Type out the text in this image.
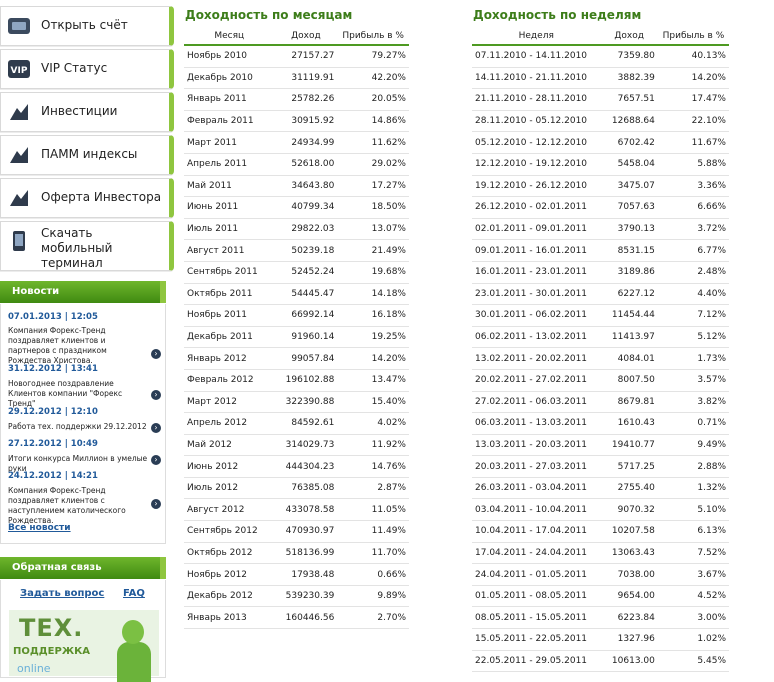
Открыть счёт
VIP VIP Статус
Инвестиции
ПАММ индексы
Оферта Инвестора
Скачать мобильный терминал
Новости
07.01.2013 | 12:05
Компания Форекс-Тренд поздравляет клиентов и партнеров с праздником Рождества Христова.
›
31.12.2012 | 13:41
Новогоднее поздравление Клиентов компании "Форекс Тренд"
›
29.12.2012 | 12:10
Работа тех. поддержки 29.12.2012 ›
27.12.2012 | 10:49
Итоги конкурса Миллион в умелые руки
›
24.12.2012 | 14:21
Компания Форекс-Тренд поздравляет клиентов с наступлением католического Рождества.
›
Все новости
Обратная связь
Задать вопрос FAQ
ТЕХ.
ПОДДЕРЖКА
online
Доходность по месяцам
Месяц	Доход	Прибыль в %
Ноябрь 2010	27157.27	79.27%
Декабрь 2010	31119.91	42.20%
Январь 2011	25782.26	20.05%
Февраль 2011	30915.92	14.86%
Март 2011	24934.99	11.62%
Апрель 2011	52618.00	29.02%
Май 2011	34643.80	17.27%
Июнь 2011	40799.34	18.50%
Июль 2011	29822.03	13.07%
Август 2011	50239.18	21.49%
Сентябрь 2011	52452.24	19.68%
Октябрь 2011	54445.47	14.18%
Ноябрь 2011	66992.14	16.18%
Декабрь 2011	91960.14	19.25%
Январь 2012	99057.84	14.20%
Февраль 2012	196102.88	13.47%
Март 2012	322390.88	15.40%
Апрель 2012	84592.61	4.02%
Май 2012	314029.73	11.92%
Июнь 2012	444304.23	14.76%
Июль 2012	76385.08	2.87%
Август 2012	433078.58	11.05%
Сентябрь 2012	470930.97	11.49%
Октябрь 2012	518136.99	11.70%
Ноябрь 2012	17938.48	0.66%
Декабрь 2012	539230.39	9.89%
Январь 2013	160446.56	2.70%
Доходность по неделям
Неделя	Доход	Прибыль в %
07.11.2010 - 14.11.2010	7359.80	40.13%
14.11.2010 - 21.11.2010	3882.39	14.20%
21.11.2010 - 28.11.2010	7657.51	17.47%
28.11.2010 - 05.12.2010	12688.64	22.10%
05.12.2010 - 12.12.2010	6702.42	11.67%
12.12.2010 - 19.12.2010	5458.04	5.88%
19.12.2010 - 26.12.2010	3475.07	3.36%
26.12.2010 - 02.01.2011	7057.63	6.66%
02.01.2011 - 09.01.2011	3790.13	3.72%
09.01.2011 - 16.01.2011	8531.15	6.77%
16.01.2011 - 23.01.2011	3189.86	2.48%
23.01.2011 - 30.01.2011	6227.12	4.40%
30.01.2011 - 06.02.2011	11454.44	7.12%
06.02.2011 - 13.02.2011	11413.97	5.12%
13.02.2011 - 20.02.2011	4084.01	1.73%
20.02.2011 - 27.02.2011	8007.50	3.57%
27.02.2011 - 06.03.2011	8679.81	3.82%
06.03.2011 - 13.03.2011	1610.43	0.71%
13.03.2011 - 20.03.2011	19410.77	9.49%
20.03.2011 - 27.03.2011	5717.25	2.88%
26.03.2011 - 03.04.2011	2755.40	1.32%
03.04.2011 - 10.04.2011	9070.32	5.10%
10.04.2011 - 17.04.2011	10207.58	6.13%
17.04.2011 - 24.04.2011	13063.43	7.52%
24.04.2011 - 01.05.2011	7038.00	3.67%
01.05.2011 - 08.05.2011	9654.00	4.52%
08.05.2011 - 15.05.2011	6223.84	3.00%
15.05.2011 - 22.05.2011	1327.96	1.02%
22.05.2011 - 29.05.2011	10613.00	5.45%
